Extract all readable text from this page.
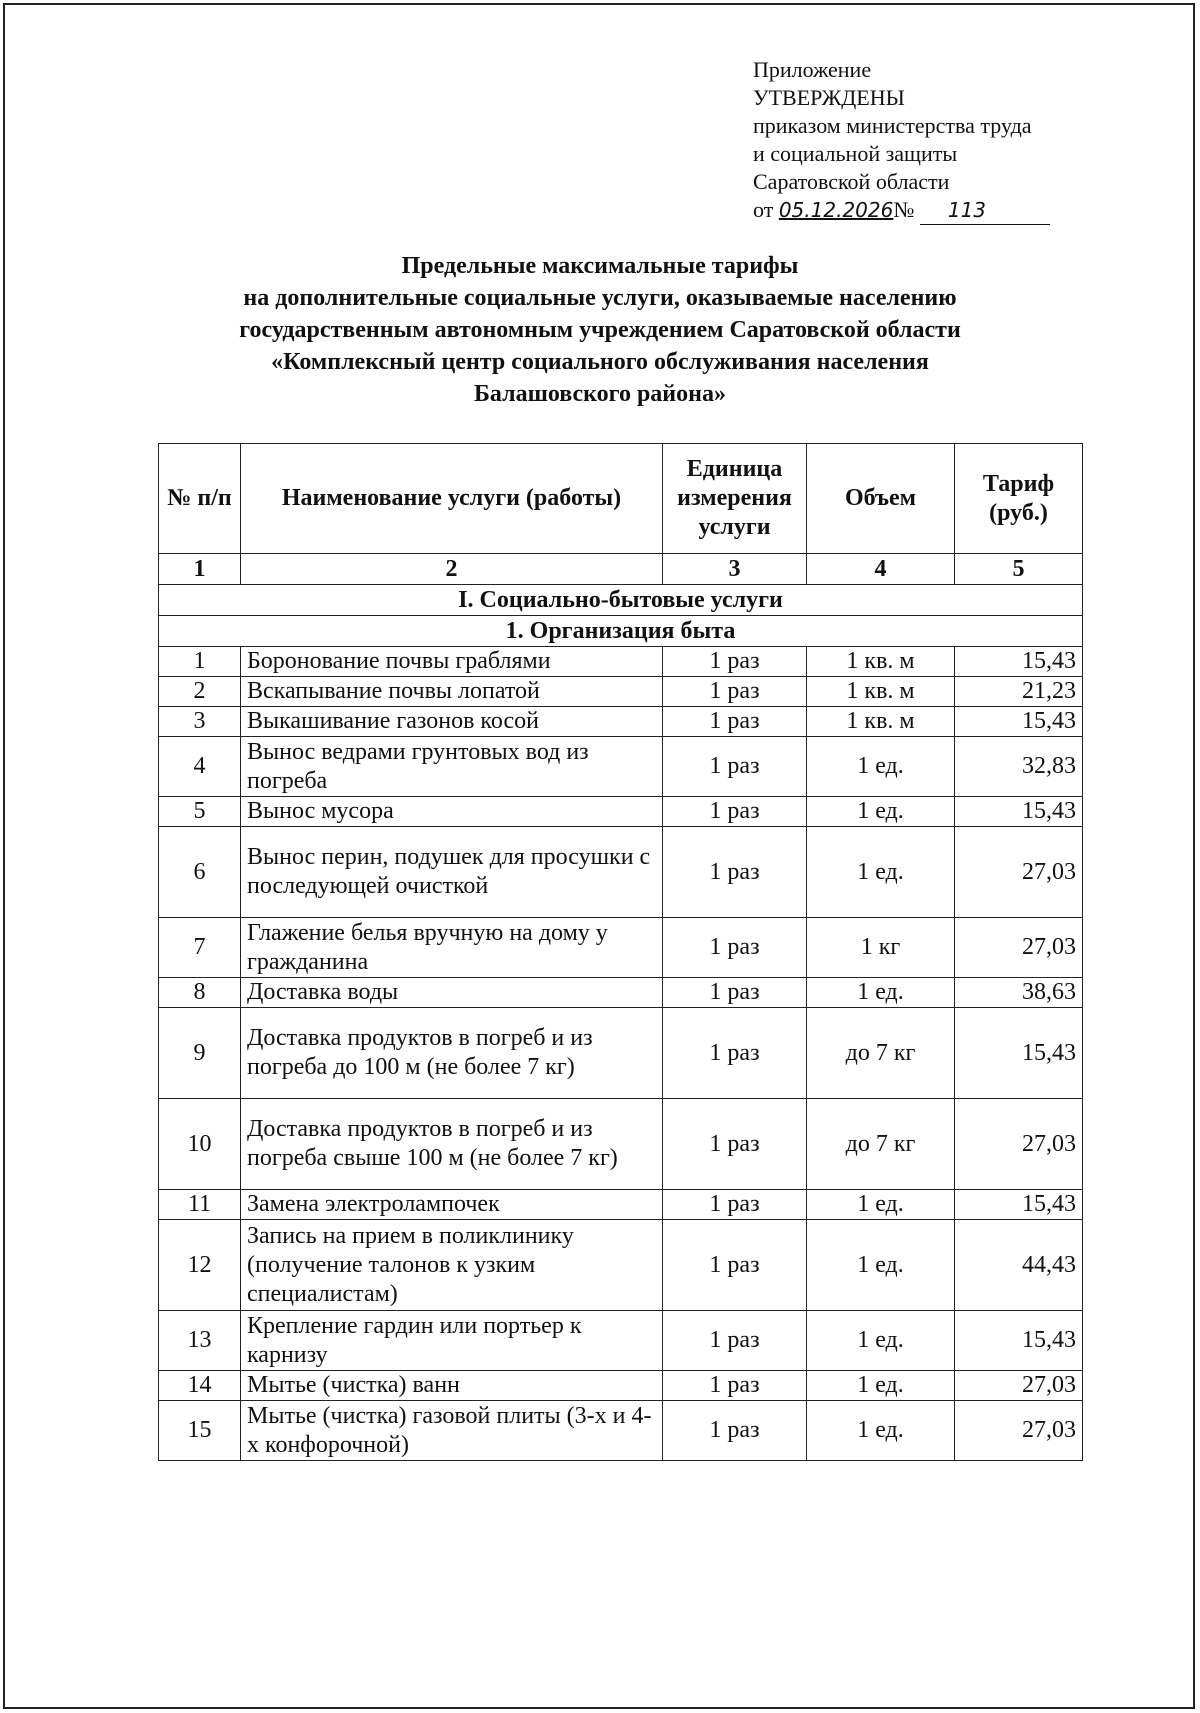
Приложение
УТВЕРЖДЕНЫ
приказом министерства труда
и социальной защиты
Саратовской области
от 05.12.2026№ 113
Предельные максимальные тарифы
на дополнительные социальные услуги, оказываемые населению
государственным автономным учреждением Саратовской области
«Комплексный центр социального обслуживания населения
Балашовского района»
№ п/п	Наименование услуги (работы)	Единица измерения услуги	Объем	Тариф (руб.)
1	2	3	4	5
I. Социально-бытовые услуги				
1. Организация быта				
1	Боронование почвы граблями	1 раз	1 кв. м	15,43
2	Вскапывание почвы лопатой	1 раз	1 кв. м	21,23
3	Выкашивание газонов косой	1 раз	1 кв. м	15,43
4	Вынос ведрами грунтовых вод из погреба	1 раз	1 ед.	32,83
5	Вынос мусора	1 раз	1 ед.	15,43
6	Вынос перин, подушек для просушки с последующей очисткой	1 раз	1 ед.	27,03
7	Глажение белья вручную на дому у гражданина	1 раз	1 кг	27,03
8	Доставка воды	1 раз	1 ед.	38,63
9	Доставка продуктов в погреб и из погреба до 100 м (не более 7 кг)	1 раз	до 7 кг	15,43
10	Доставка продуктов в погреб и из погреба свыше 100 м (не более 7 кг)	1 раз	до 7 кг	27,03
11	Замена электролампочек	1 раз	1 ед.	15,43
12	Запись на прием в поликлинику (получение талонов к узким специалистам)	1 раз	1 ед.	44,43
13	Крепление гардин или портьер к карнизу	1 раз	1 ед.	15,43
14	Мытье (чистка) ванн	1 раз	1 ед.	27,03
15	Мытье (чистка) газовой плиты (3-х и 4-х конфорочной)	1 раз	1 ед.	27,03
